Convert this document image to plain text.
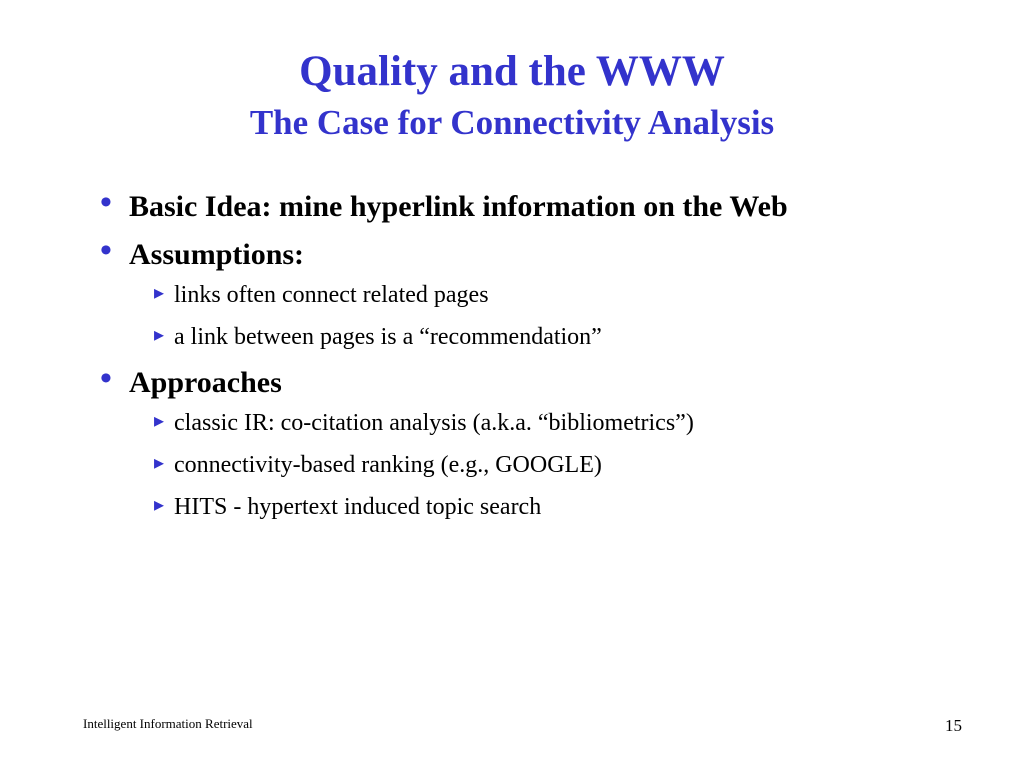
Quality and the WWW
The Case for Connectivity Analysis
• Basic Idea: mine hyperlink information on the Web
• Assumptions:
▸ links often connect related pages
▸ a link between pages is a “recommendation”
• Approaches
▸ classic IR: co-citation analysis (a.k.a. “bibliometrics”)
▸ connectivity-based ranking (e.g., GOOGLE)
▸ HITS - hypertext induced topic search
Intelligent Information Retrieval	15
